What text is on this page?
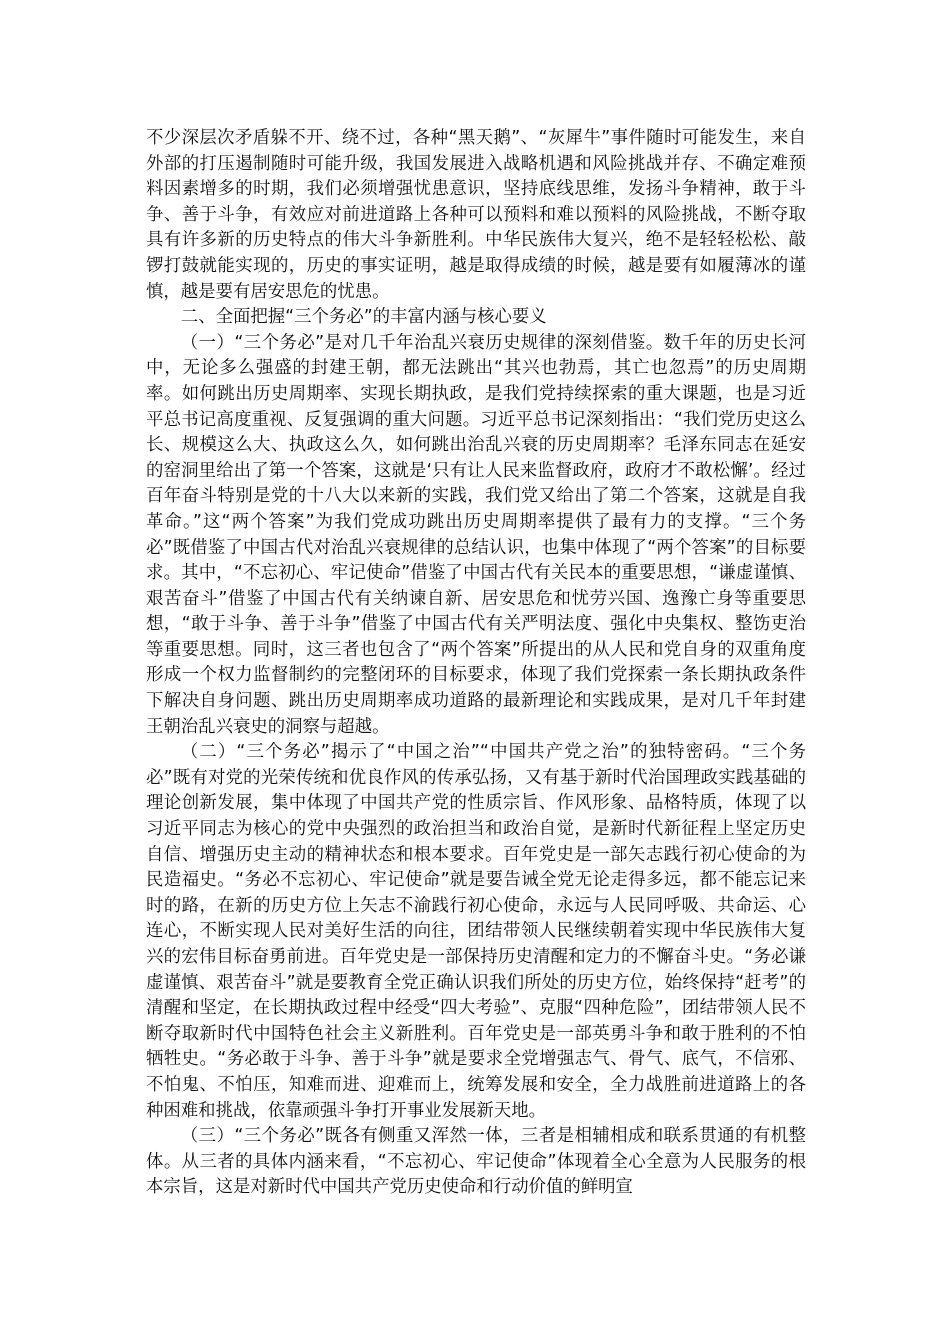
不少深层次矛盾躲不开、绕不过，各种“黑天鹅”、“灰犀牛”事件随时可能发生，来自外部的打压遏制随时可能升级，我国发展进入战略机遇和风险挑战并存、不确定难预料因素增多的时期，我们必须增强忧患意识，坚持底线思维，发扬斗争精神，敢于斗争、善于斗争，有效应对前进道路上各种可以预料和难以预料的风险挑战，不断夺取具有许多新的历史特点的伟大斗争新胜利。中华民族伟大复兴，绝不是轻轻松松、敲锣打鼓就能实现的，历史的事实证明，越是取得成绩的时候，越是要有如履薄冰的谨慎，越是要有居安思危的忧患。

二、全面把握“三个务必”的丰富内涵与核心要义

（一）“三个务必”是对几千年治乱兴衰历史规律的深刻借鉴。数千年的历史长河中，无论多么强盛的封建王朝，都无法跳出“其兴也勃焉，其亡也忽焉”的历史周期率。如何跳出历史周期率、实现长期执政，是我们党持续探索的重大课题，也是习近平总书记高度重视、反复强调的重大问题。习近平总书记深刻指出：“我们党历史这么长、规模这么大、执政这么久，如何跳出治乱兴衰的历史周期率？毛泽东同志在延安的窑洞里给出了第一个答案，这就是‘只有让人民来监督政府，政府才不敢松懈’。经过百年奋斗特别是党的十八大以来新的实践，我们党又给出了第二个答案，这就是自我革命。”这“两个答案”为我们党成功跳出历史周期率提供了最有力的支撑。“三个务必”既借鉴了中国古代对治乱兴衰规律的总结认识，也集中体现了“两个答案”的目标要求。其中，“不忘初心、牢记使命”借鉴了中国古代有关民本的重要思想，“谦虚谨慎、艰苦奋斗”借鉴了中国古代有关纳谏自新、居安思危和忧劳兴国、逸豫亡身等重要思想，“敢于斗争、善于斗争”借鉴了中国古代有关严明法度、强化中央集权、整饬吏治等重要思想。同时，这三者也包含了“两个答案”所提出的从人民和党自身的双重角度形成一个权力监督制约的完整闭环的目标要求，体现了我们党探索一条长期执政条件下解决自身问题、跳出历史周期率成功道路的最新理论和实践成果，是对几千年封建王朝治乱兴衰史的洞察与超越。

（二）“三个务必”揭示了“中国之治”“中国共产党之治”的独特密码。“三个务必”既有对党的光荣传统和优良作风的传承弘扬，又有基于新时代治国理政实践基础的理论创新发展，集中体现了中国共产党的性质宗旨、作风形象、品格特质，体现了以习近平同志为核心的党中央强烈的政治担当和政治自觉，是新时代新征程上坚定历史自信、增强历史主动的精神状态和根本要求。百年党史是一部矢志践行初心使命的为民造福史。“务必不忘初心、牢记使命”就是要告诫全党无论走得多远，都不能忘记来时的路，在新的历史方位上矢志不渝践行初心使命，永远与人民同呼吸、共命运、心连心，不断实现人民对美好生活的向往，团结带领人民继续朝着实现中华民族伟大复兴的宏伟目标奋勇前进。百年党史是一部保持历史清醒和定力的不懈奋斗史。“务必谦虚谨慎、艰苦奋斗”就是要教育全党正确认识我们所处的历史方位，始终保持“赶考”的清醒和坚定，在长期执政过程中经受“四大考验”、克服“四种危险”，团结带领人民不断夺取新时代中国特色社会主义新胜利。百年党史是一部英勇斗争和敢于胜利的不怕牺牲史。“务必敢于斗争、善于斗争”就是要求全党增强志气、骨气、底气，不信邪、不怕鬼、不怕压，知难而进、迎难而上，统筹发展和安全，全力战胜前进道路上的各种困难和挑战，依靠顽强斗争打开事业发展新天地。

（三）“三个务必”既各有侧重又浑然一体，三者是相辅相成和联系贯通的有机整体。从三者的具体内涵来看，“不忘初心、牢记使命”体现着全心全意为人民服务的根本宗旨，这是对新时代中国共产党历史使命和行动价值的鲜明宣
